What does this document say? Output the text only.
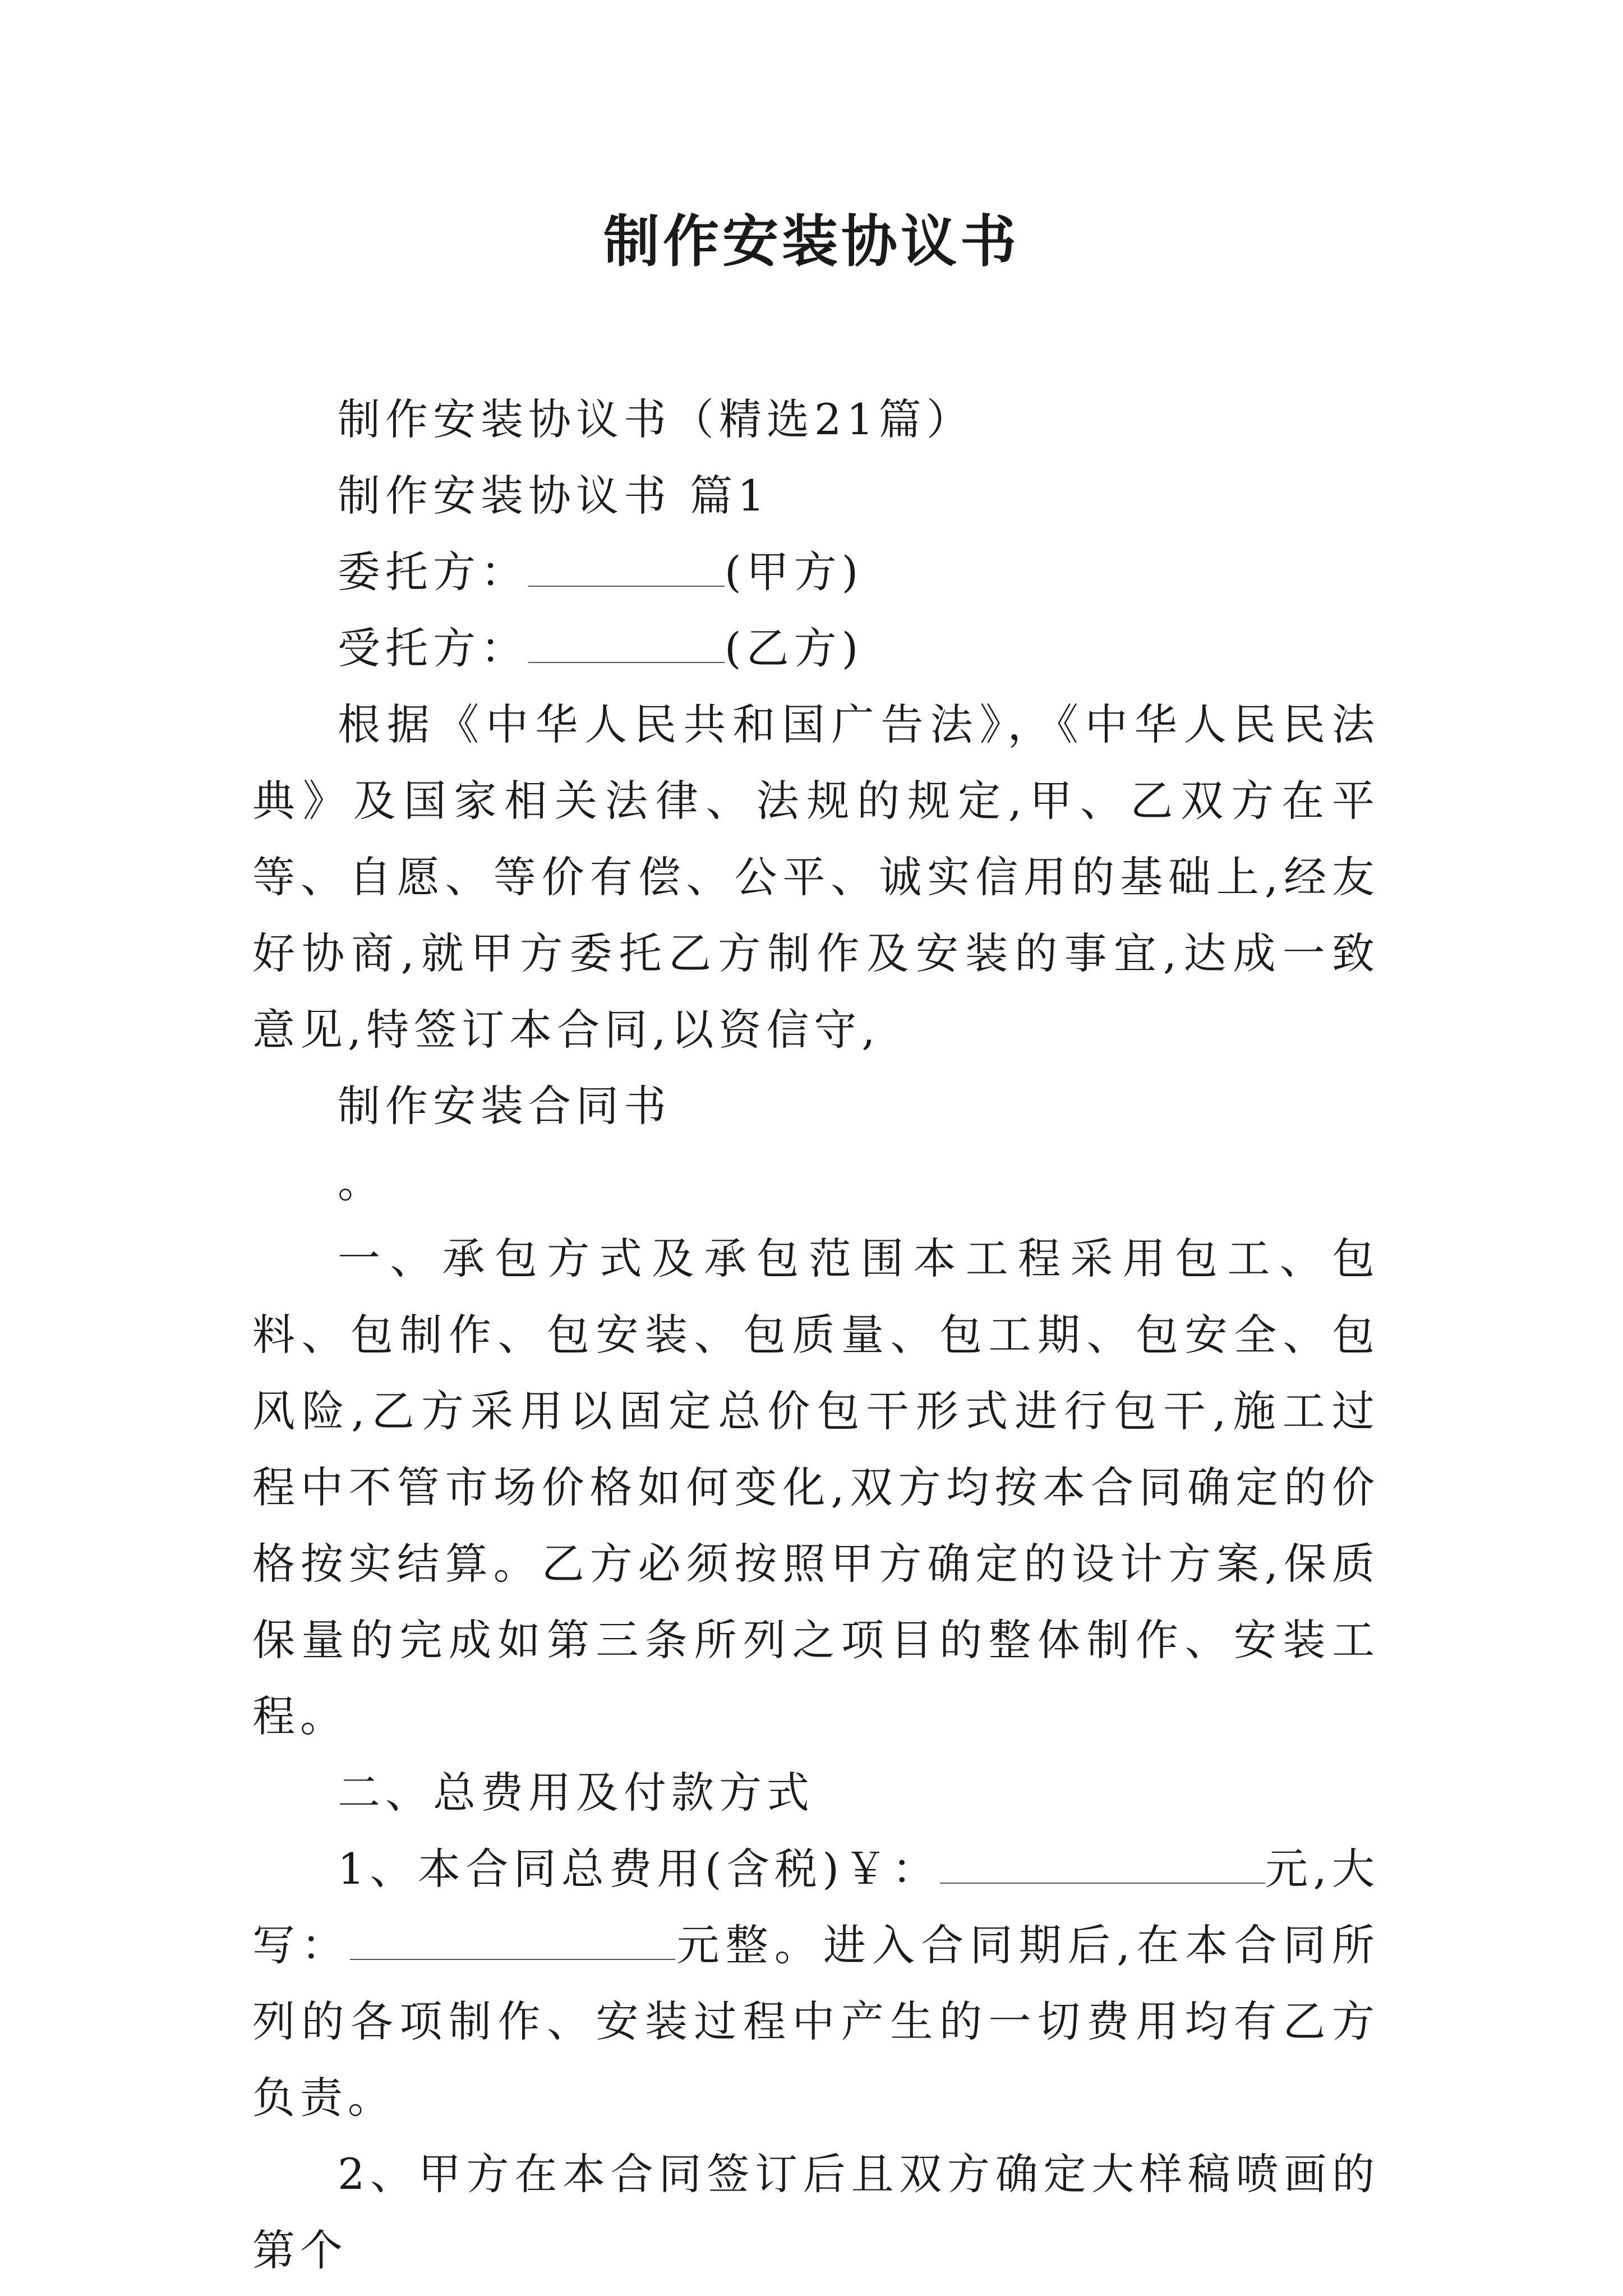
制作安装协议书

制作安装协议书（精选21篇）

制作安装协议书 篇1

委托方：	(甲方)

受托方：	(乙方)

根据《中华人民共和国广告法》，《中华人民民法典》及国家相关法律、法规的规定,甲、乙双方在平等、自愿、等价有偿、公平、诚实信用的基础上,经友好协商,就甲方委托乙方制作及安装的事宜,达成一致意见,特签订本合同,以资信守,

制作安装合同书

。

一、承包方式及承包范围本工程采用包工、包料、包制作、包安装、包质量、包工期、包安全、包风险,乙方采用以固定总价包干形式进行包干,施工过程中不管市场价格如何变化,双方均按本合同确定的价格按实结算。乙方必须按照甲方确定的设计方案,保质保量的完成如第三条所列之项目的整体制作、安装工程。

二、总费用及付款方式

1、本合同总费用(含税)￥：	元,大写：	元整。进入合同期后,在本合同所列的各项制作、安装过程中产生的一切费用均有乙方负责。

2、甲方在本合同签订后且双方确定大样稿喷画的第个
